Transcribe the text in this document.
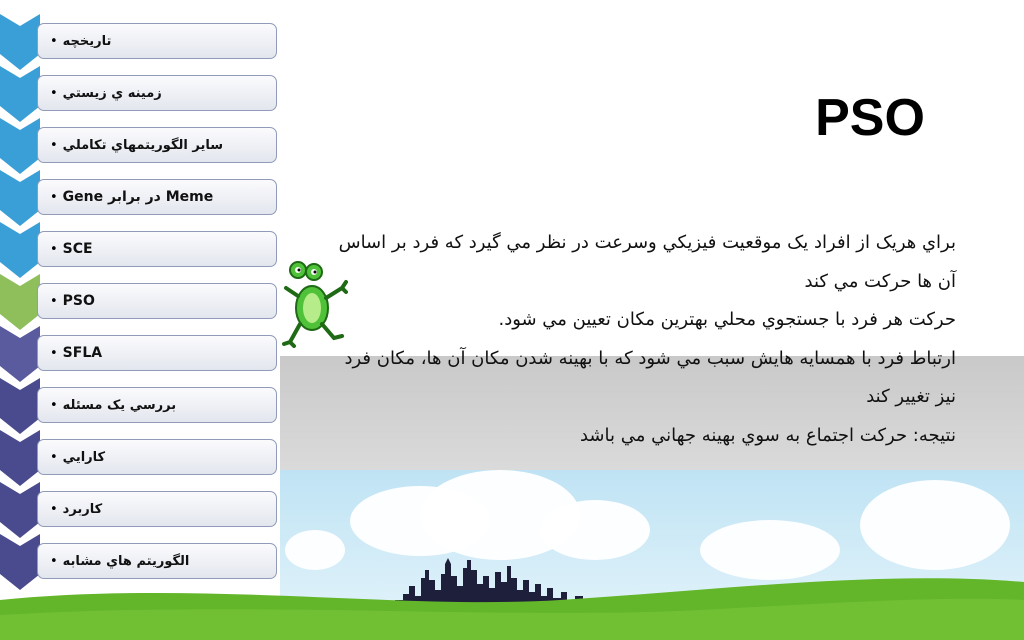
• تاريخچه
• زمينه ي زيستي
• ساير الگوريتمهاي تکاملي
• Meme در برابر Gene
• SCE
• PSO
• SFLA
• بررسي يک مسئله
• کارايي
• کاربرد
• الگوريتم هاي مشابه
PSO

براي هريک از افراد يک موقعيت فيزيکي وسرعت در نظر مي گيرد که فرد بر اساس آن ها حرکت مي کند

حرکت هر فرد با جستجوي محلي بهترين مکان تعيين مي شود.

ارتباط فرد با همسايه هايش سبب مي شود که با بهينه شدن مکان آن ها، مکان فرد نيز تغيير کند

نتيجه: حرکت اجتماع به سوي بهينه جهاني مي باشد
